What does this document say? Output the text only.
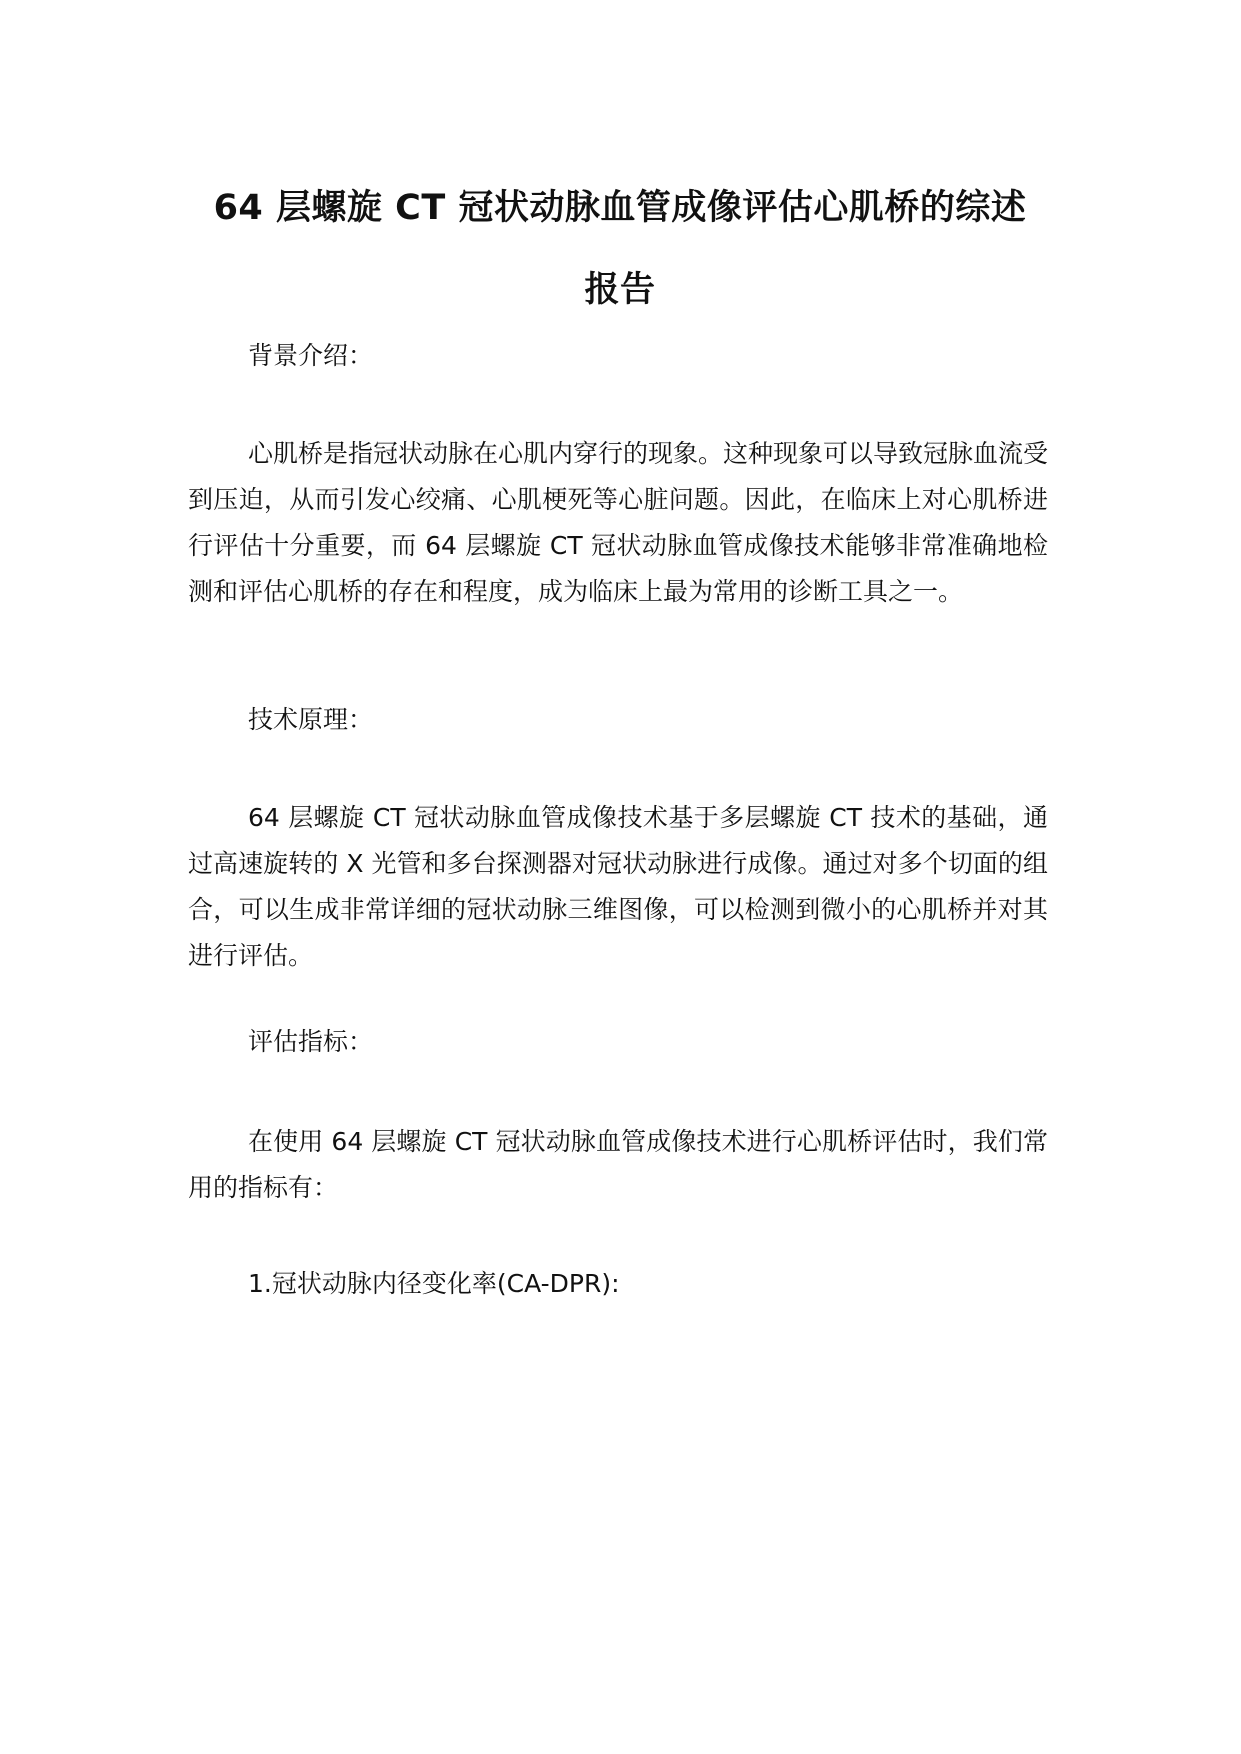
64 层螺旋 CT 冠状动脉血管成像评估心肌桥的综述
报告

背景介绍：

心肌桥是指冠状动脉在心肌内穿行的现象。这种现象可以导致冠脉血流受到压迫，从而引发心绞痛、心肌梗死等心脏问题。因此，在临床上对心肌桥进行评估十分重要，而 64 层螺旋 CT 冠状动脉血管成像技术能够非常准确地检测和评估心肌桥的存在和程度，成为临床上最为常用的诊断工具之一。

技术原理：

64 层螺旋 CT 冠状动脉血管成像技术基于多层螺旋 CT 技术的基础，通过高速旋转的 X 光管和多台探测器对冠状动脉进行成像。通过对多个切面的组合，可以生成非常详细的冠状动脉三维图像，可以检测到微小的心肌桥并对其进行评估。

评估指标：

在使用 64 层螺旋 CT 冠状动脉血管成像技术进行心肌桥评估时，我们常用的指标有：

1.冠状动脉内径变化率(CA-DPR):
